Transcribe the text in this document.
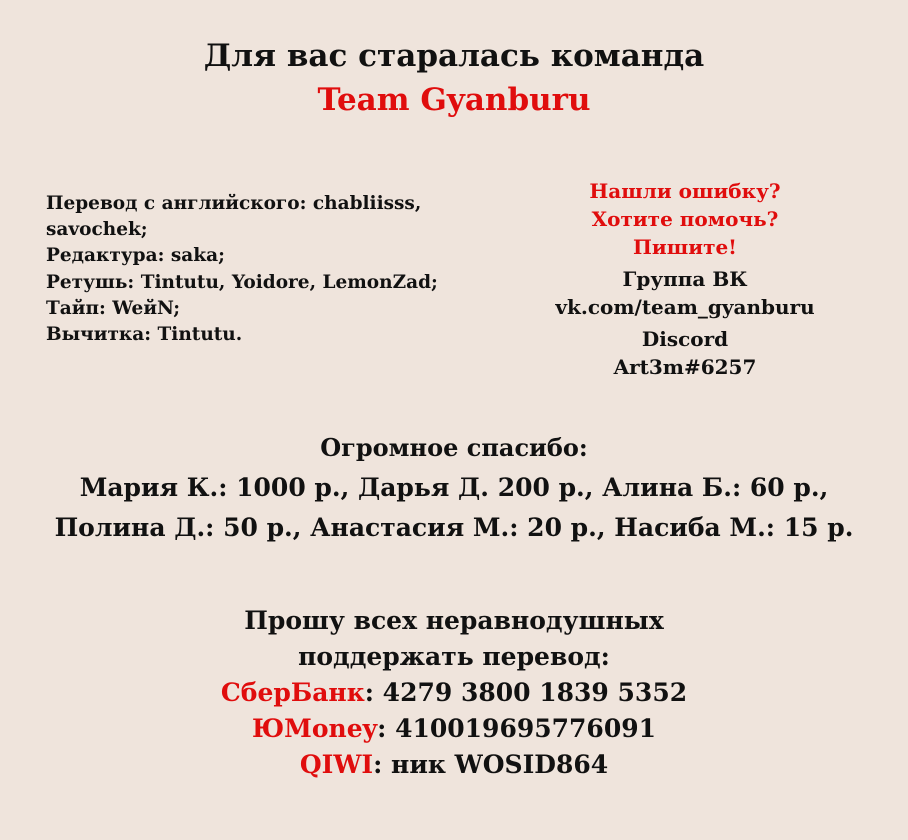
Для вас старалась команда
Team Gyanburu
Перевод с английского: chabliisss,
savochek;
Редактура: saka;
Ретушь: Tintutu, Yoidore, LemonZad;
Тайп: WeйN;
Вычитка: Tintutu.
Нашли ошибку?
Хотите помочь?
Пишите!
Группа ВК
vk.com/team_gyanburu
Discord
Art3m#6257
Огромное спасибо:
Мария К.: 1000 р., Дарья Д. 200 р., Алина Б.: 60 р.,
Полина Д.: 50 р., Анастасия М.: 20 р., Насиба М.: 15 р.
Прошу всех неравнодушных
поддержать перевод:
СберБанк: 4279 3800 1839 5352
ЮMoney: 410019695776091
QIWI: ник WOSID864
